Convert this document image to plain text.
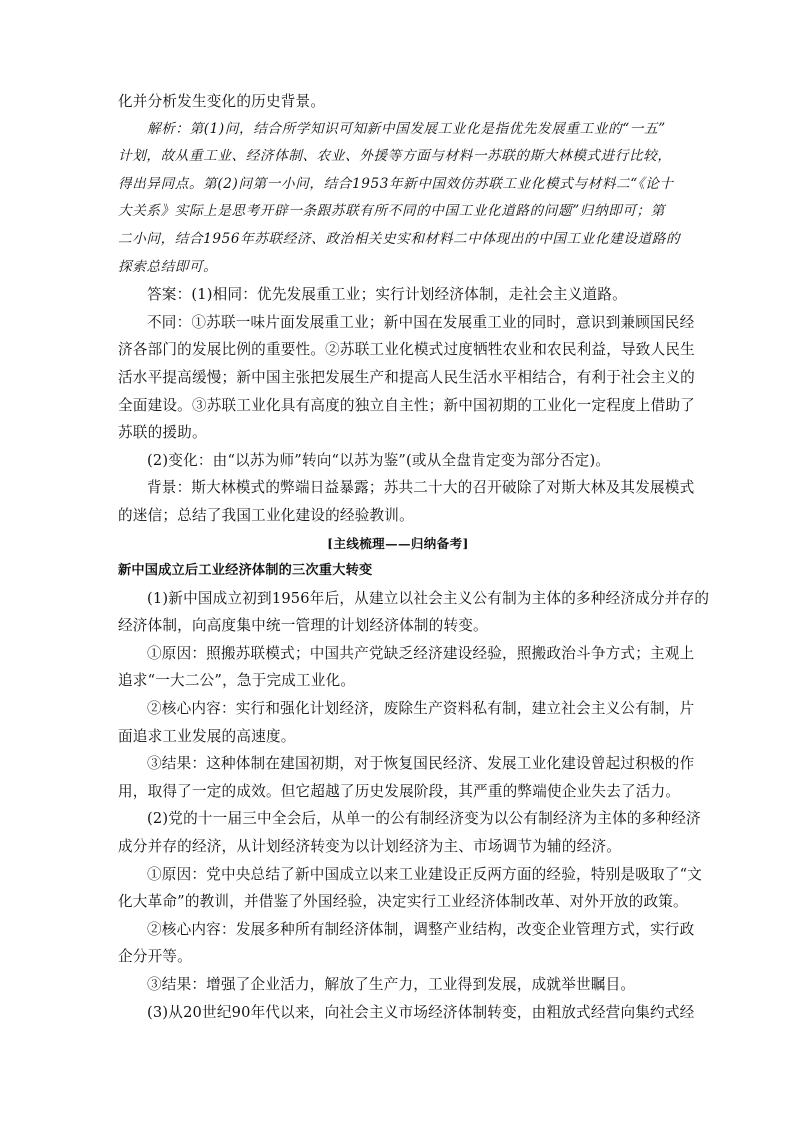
化并分析发生变化的历史背景。
解析：第(1)问，结合所学知识可知新中国发展工业化是指优先发展重工业的“一五”
计划，故从重工业、经济体制、农业、外援等方面与材料一苏联的斯大林模式进行比较，
得出异同点。第(2)问第一小问，结合1953年新中国效仿苏联工业化模式与材料二“《论十
大关系》实际上是思考开辟一条跟苏联有所不同的中国工业化道路的问题”归纳即可；第
二小问，结合1956年苏联经济、政治相关史实和材料二中体现出的中国工业化建设道路的
探索总结即可。
答案：(1)相同：优先发展重工业；实行计划经济体制，走社会主义道路。
不同：①苏联一味片面发展重工业；新中国在发展重工业的同时，意识到兼顾国民经
济各部门的发展比例的重要性。②苏联工业化模式过度牺牲农业和农民利益，导致人民生
活水平提高缓慢；新中国主张把发展生产和提高人民生活水平相结合，有利于社会主义的
全面建设。③苏联工业化具有高度的独立自主性；新中国初期的工业化一定程度上借助了
苏联的援助。
(2)变化：由“以苏为师”转向“以苏为鉴”(或从全盘肯定变为部分否定)。
背景：斯大林模式的弊端日益暴露；苏共二十大的召开破除了对斯大林及其发展模式
的迷信；总结了我国工业化建设的经验教训。
[主线梳理——归纳备考]
新中国成立后工业经济体制的三次重大转变
(1)新中国成立初到1956年后，从建立以社会主义公有制为主体的多种经济成分并存的
经济体制，向高度集中统一管理的计划经济体制的转变。
①原因：照搬苏联模式；中国共产党缺乏经济建设经验，照搬政治斗争方式；主观上
追求“一大二公”，急于完成工业化。
②核心内容：实行和强化计划经济，废除生产资料私有制，建立社会主义公有制，片
面追求工业发展的高速度。
③结果：这种体制在建国初期，对于恢复国民经济、发展工业化建设曾起过积极的作
用，取得了一定的成效。但它超越了历史发展阶段，其严重的弊端使企业失去了活力。
(2)党的十一届三中全会后，从单一的公有制经济变为以公有制经济为主体的多种经济
成分并存的经济，从计划经济转变为以计划经济为主、市场调节为辅的经济。
①原因：党中央总结了新中国成立以来工业建设正反两方面的经验，特别是吸取了“文
化大革命”的教训，并借鉴了外国经验，决定实行工业经济体制改革、对外开放的政策。
②核心内容：发展多种所有制经济体制，调整产业结构，改变企业管理方式，实行政
企分开等。
③结果：增强了企业活力，解放了生产力，工业得到发展，成就举世瞩目。
(3)从20世纪90年代以来，向社会主义市场经济体制转变，由粗放式经营向集约式经
